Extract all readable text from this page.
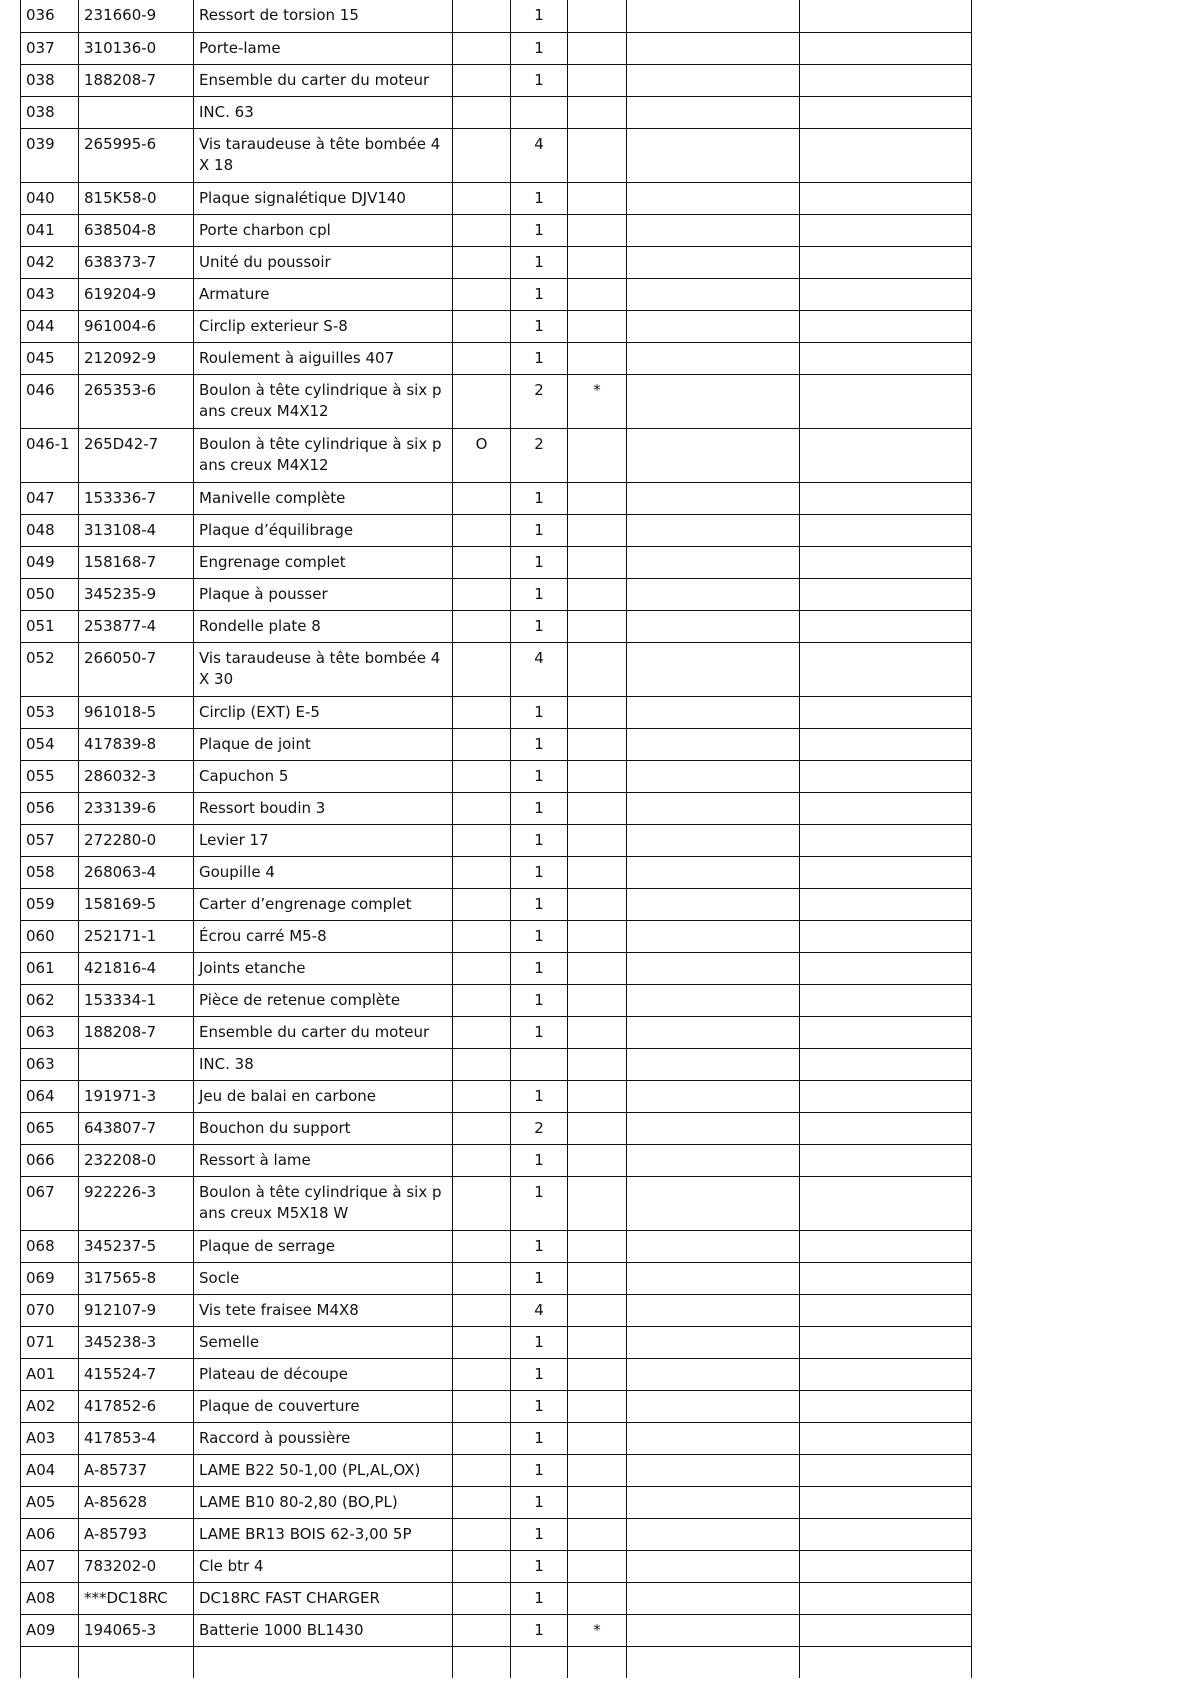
036	231660-9	Ressort de torsion 15		1			
037	310136-0	Porte-lame		1			
038	188208-7	Ensemble du carter du moteur		1			
038		INC. 63					
039	265995-6	Vis taraudeuse à tête bombée 4X 18		4			
040	815K58-0	Plaque signalétique DJV140		1			
041	638504-8	Porte charbon cpl		1			
042	638373-7	Unité du poussoir		1			
043	619204-9	Armature		1			
044	961004-6	Circlip exterieur S-8		1			
045	212092-9	Roulement à aiguilles 407		1			
046	265353-6	Boulon à tête cylindrique à six pans creux M4X12		2	*		
046-1	265D42-7	Boulon à tête cylindrique à six pans creux M4X12	O	2			
047	153336-7	Manivelle complète		1			
048	313108-4	Plaque d’équilibrage		1			
049	158168-7	Engrenage complet		1			
050	345235-9	Plaque à pousser		1			
051	253877-4	Rondelle plate 8		1			
052	266050-7	Vis taraudeuse à tête bombée 4X 30		4			
053	961018-5	Circlip (EXT) E-5		1			
054	417839-8	Plaque de joint		1			
055	286032-3	Capuchon 5		1			
056	233139-6	Ressort boudin 3		1			
057	272280-0	Levier 17		1			
058	268063-4	Goupille 4		1			
059	158169-5	Carter d’engrenage complet		1			
060	252171-1	Écrou carré M5-8		1			
061	421816-4	Joints etanche		1			
062	153334-1	Pièce de retenue complète		1			
063	188208-7	Ensemble du carter du moteur		1			
063		INC. 38					
064	191971-3	Jeu de balai en carbone		1			
065	643807-7	Bouchon du support		2			
066	232208-0	Ressort à lame		1			
067	922226-3	Boulon à tête cylindrique à six pans creux M5X18 W		1			
068	345237-5	Plaque de serrage		1			
069	317565-8	Socle		1			
070	912107-9	Vis tete fraisee M4X8		4			
071	345238-3	Semelle		1			
A01	415524-7	Plateau de découpe		1			
A02	417852-6	Plaque de couverture		1			
A03	417853-4	Raccord à poussière		1			
A04	A-85737	LAME B22 50-1,00 (PL,AL,OX)		1			
A05	A-85628	LAME B10 80-2,80 (BO,PL)		1			
A06	A-85793	LAME BR13 BOIS 62-3,00 5P		1			
A07	783202-0	Cle btr 4		1			
A08	***DC18RC	DC18RC FAST CHARGER		1			
A09	194065-3	Batterie 1000 BL1430		1	*		
